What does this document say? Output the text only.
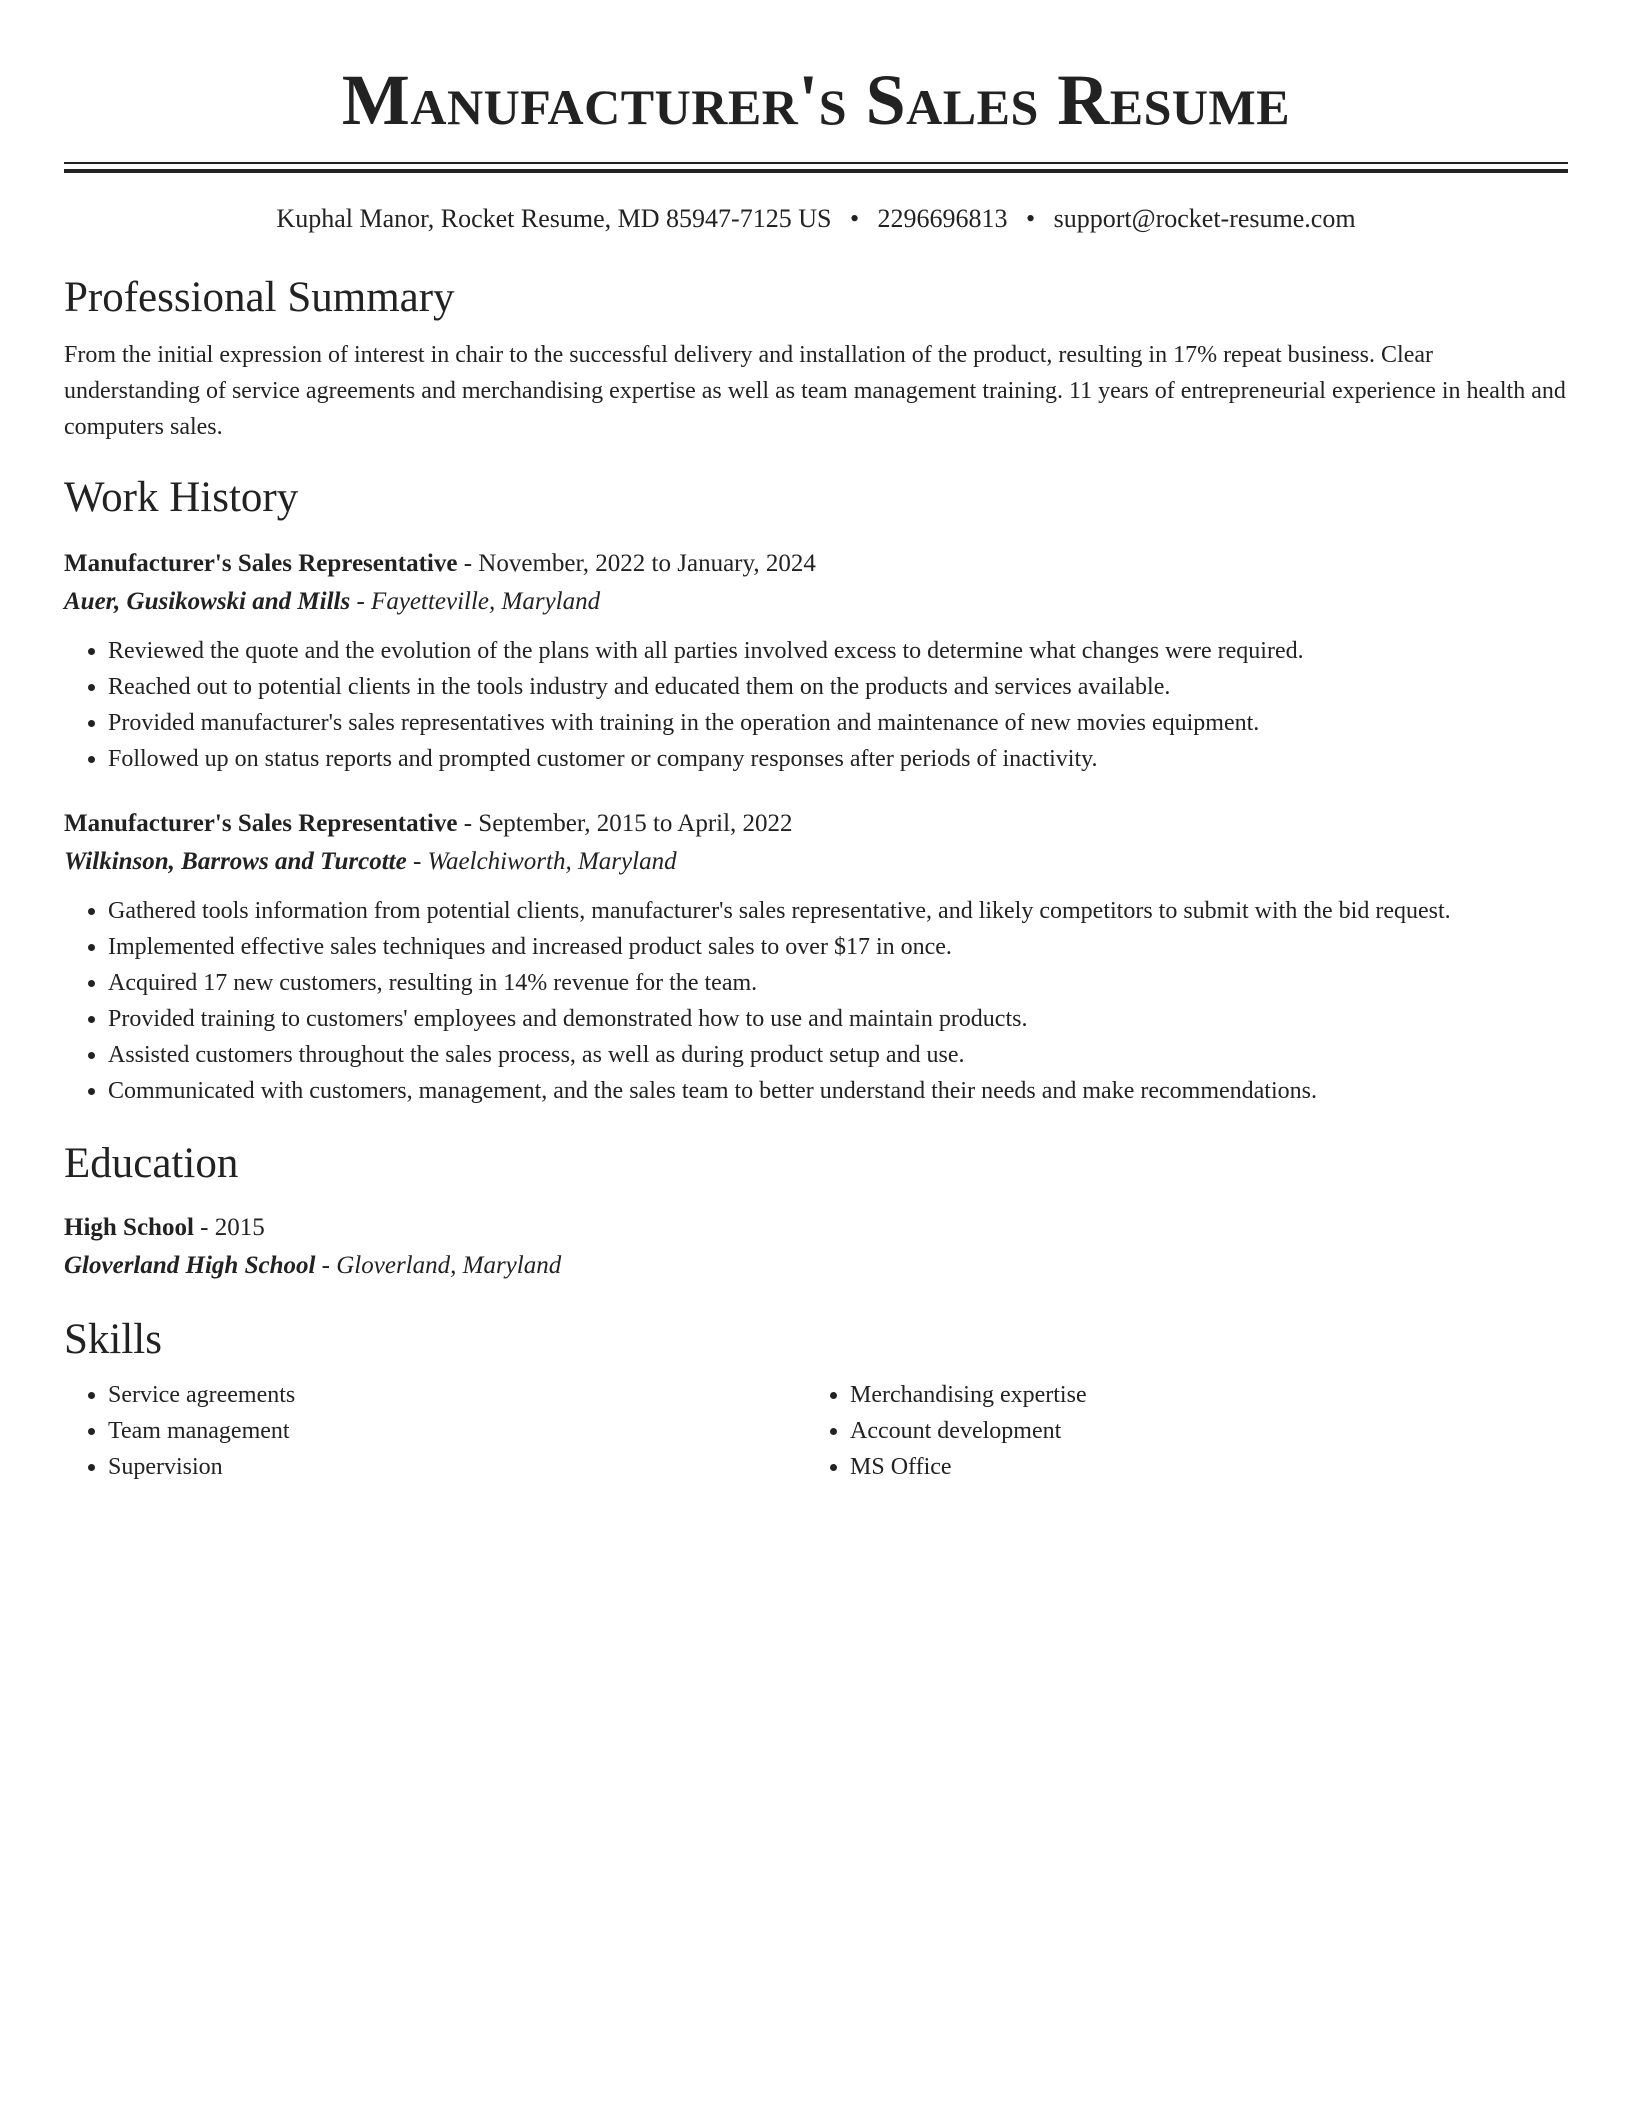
Manufacturer's Sales Resume
Kuphal Manor, Rocket Resume, MD 85947-7125 US • 2296696813 • support@rocket-resume.com
Professional Summary
From the initial expression of interest in chair to the successful delivery and installation of the product, resulting in 17% repeat business. Clear understanding of service agreements and merchandising expertise as well as team management training. 11 years of entrepreneurial experience in health and computers sales.
Work History
Manufacturer's Sales Representative - November, 2022 to January, 2024
Auer, Gusikowski and Mills - Fayetteville, Maryland
• Reviewed the quote and the evolution of the plans with all parties involved excess to determine what changes were required.
• Reached out to potential clients in the tools industry and educated them on the products and services available.
• Provided manufacturer's sales representatives with training in the operation and maintenance of new movies equipment.
• Followed up on status reports and prompted customer or company responses after periods of inactivity.
Manufacturer's Sales Representative - September, 2015 to April, 2022
Wilkinson, Barrows and Turcotte - Waelchiworth, Maryland
• Gathered tools information from potential clients, manufacturer's sales representative, and likely competitors to submit with the bid request.
• Implemented effective sales techniques and increased product sales to over $17 in once.
• Acquired 17 new customers, resulting in 14% revenue for the team.
• Provided training to customers' employees and demonstrated how to use and maintain products.
• Assisted customers throughout the sales process, as well as during product setup and use.
• Communicated with customers, management, and the sales team to better understand their needs and make recommendations.
Education
High School - 2015
Gloverland High School - Gloverland, Maryland
Skills
• Service agreements
• Team management
• Supervision
• Merchandising expertise
• Account development
• MS Office
